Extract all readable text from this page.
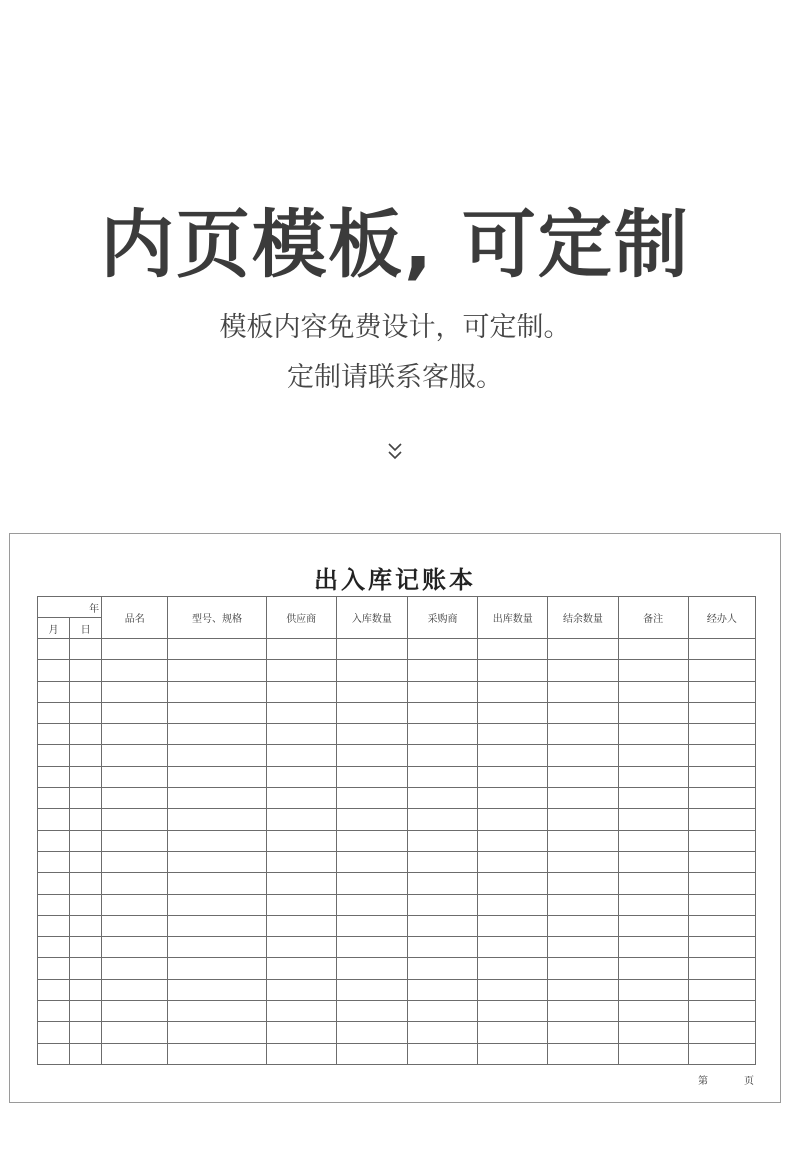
内页模板, 可定制
模板内容免费设计，可定制。
定制请联系客服。
出入库记账本
年		品名	型号、规格	供应商	入库数量	采购商	出库数量	结余数量	备注	经办人
月	日									

第	页
